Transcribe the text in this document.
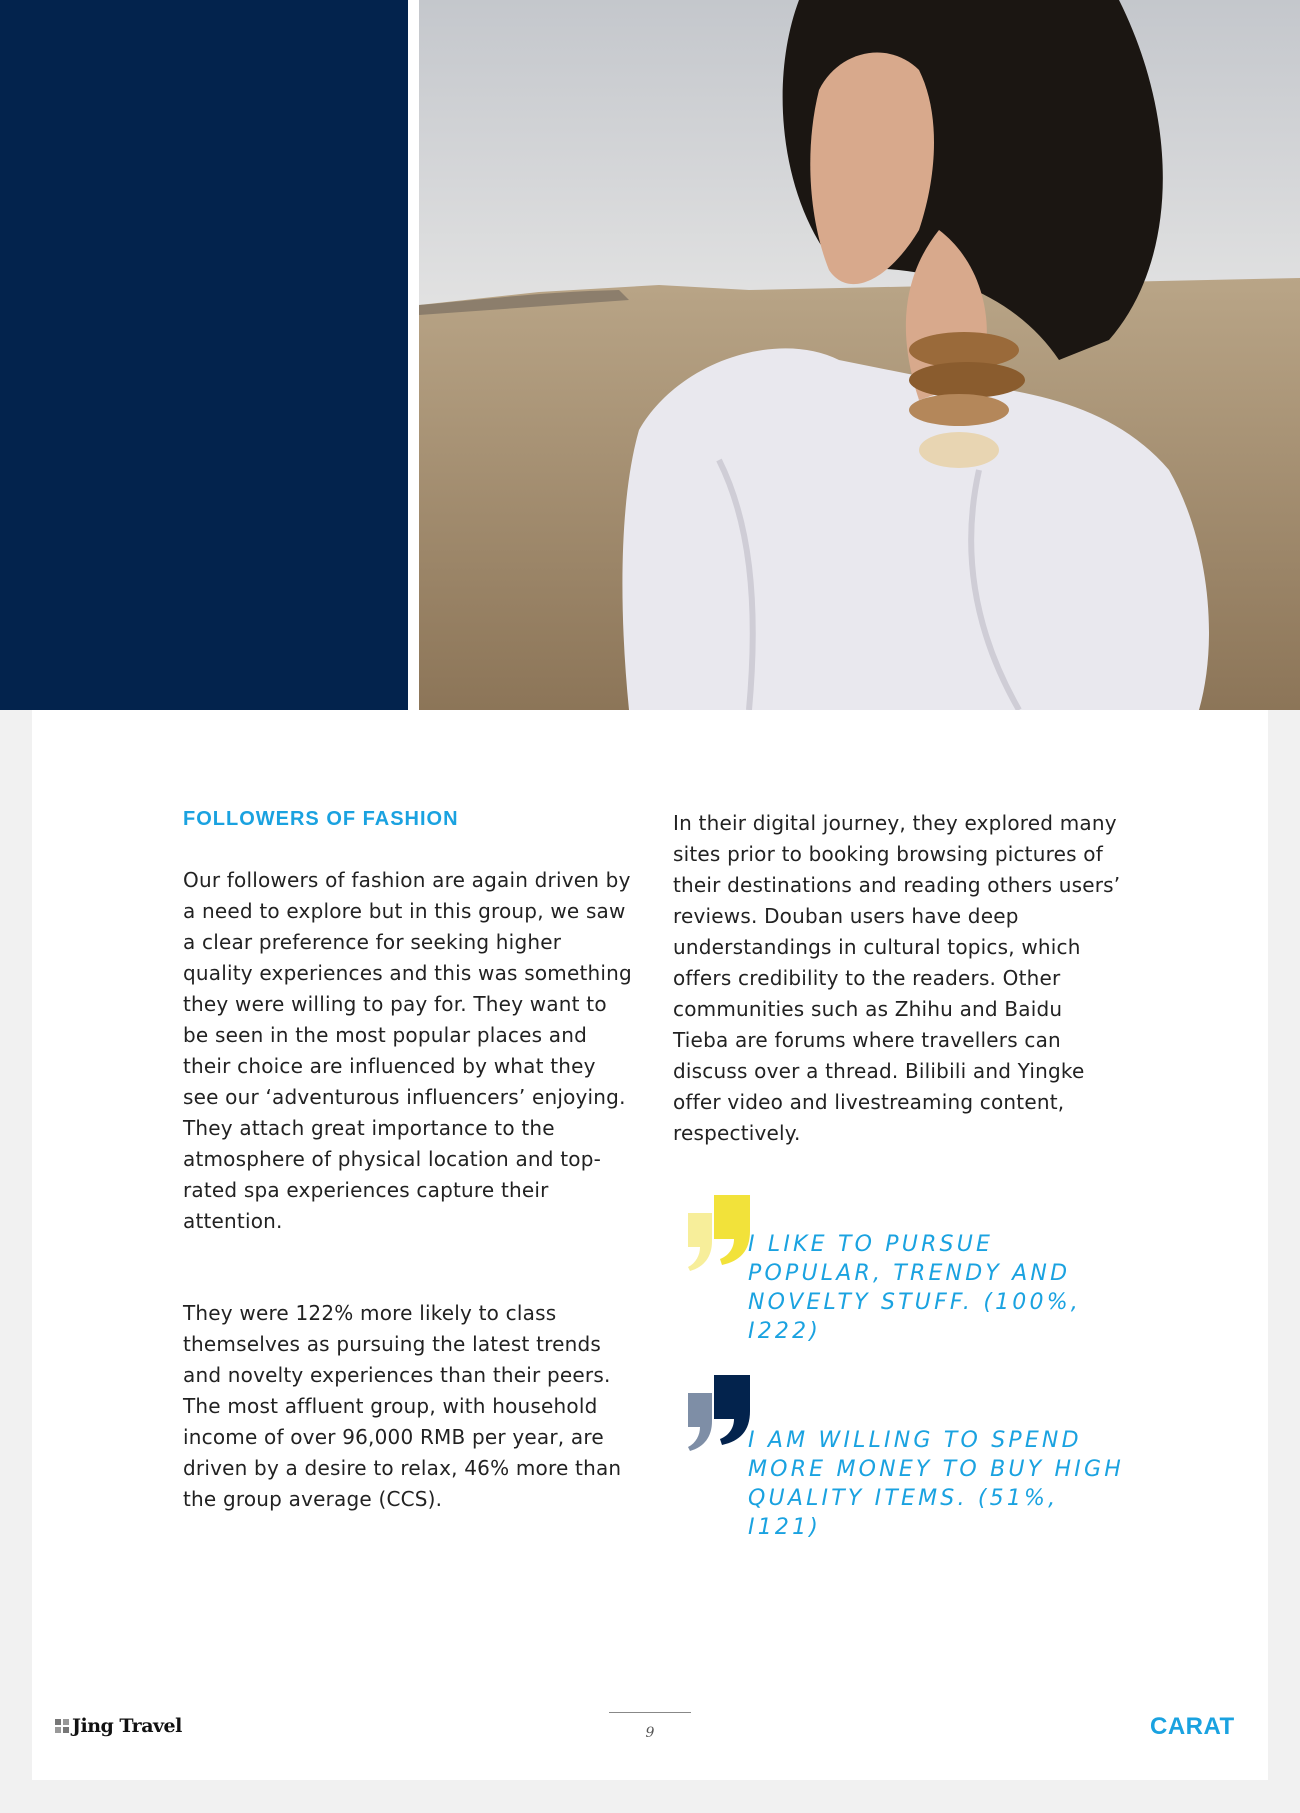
FOLLOWERS OF FASHION

Our followers of fashion are again driven by a need to explore but in this group, we saw a clear preference for seeking higher quality experiences and this was something they were willing to pay for. They want to be seen in the most popular places and their choice are influenced by what they see our ‘adventurous influencers’ enjoying. They attach great importance to the atmosphere of physical location and top-rated spa experiences capture their attention.

They were 122% more likely to class themselves as pursuing the latest trends and novelty experiences than their peers. The most affluent group, with household income of over 96,000 RMB per year, are driven by a desire to relax, 46% more than the group average (CCS).

In their digital journey, they explored many sites prior to booking browsing pictures of their destinations and reading others users’ reviews. Douban users have deep understandings in cultural topics, which offers credibility to the readers. Other communities such as Zhihu and Baidu Tieba are forums where travellers can discuss over a thread. Bilibili and Yingke offer video and livestreaming content, respectively.

I LIKE TO PURSUE POPULAR, TRENDY AND NOVELTY STUFF. (100%, I222)

I AM WILLING TO SPEND MORE MONEY TO BUY HIGH QUALITY ITEMS. (51%, I121)

Jing Travel	9	CARAT
